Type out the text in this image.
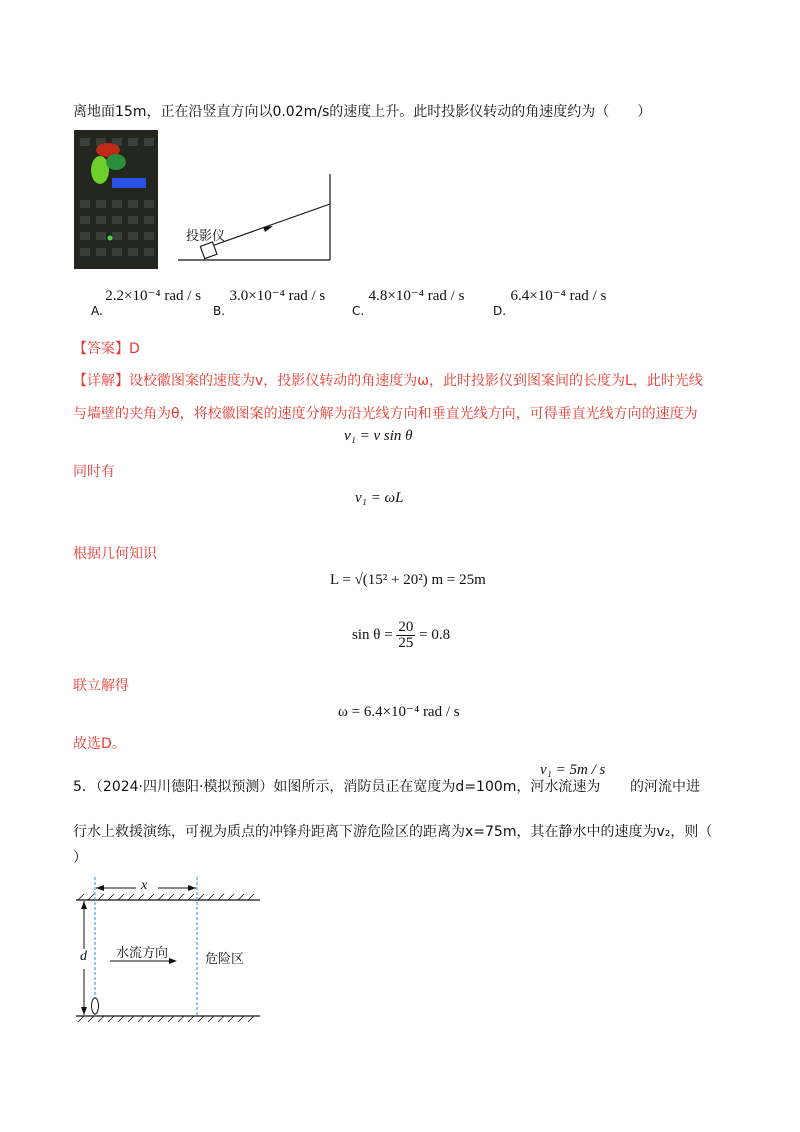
离地面15m，正在沿竖直方向以0.02m/s的速度上升。此时投影仪转动的角速度约为（　　）
投影仪
A. 2.2×10⁻⁴ rad / s
B. 3.0×10⁻⁴ rad / s
C. 4.8×10⁻⁴ rad / s
D. 6.4×10⁻⁴ rad / s
【答案】D
【详解】设校徽图案的速度为v，投影仪转动的角速度为ω，此时投影仪到图案间的长度为L，此时光线
与墙壁的夹角为θ，将校徽图案的速度分解为沿光线方向和垂直光线方向，可得垂直光线方向的速度为
v₁ = v sin θ
同时有
v₁ = ωL
根据几何知识
L = √(15² + 20²) m = 25m
$\sin \theta = \frac{20}{25} = 0.8$
联立解得
ω = 6.4×10⁻⁴ rad / s
故选D。
5．（2024·四川德阳·模拟预测）如图所示，消防员正在宽度为d=100m，河水流速为
v₁ = 5m / s
的河流中进
行水上救援演练，可视为质点的冲锋舟距离下游危险区的距离为x=75m，其在静水中的速度为v₂，则（
）
x
d 水流方向	危险区
